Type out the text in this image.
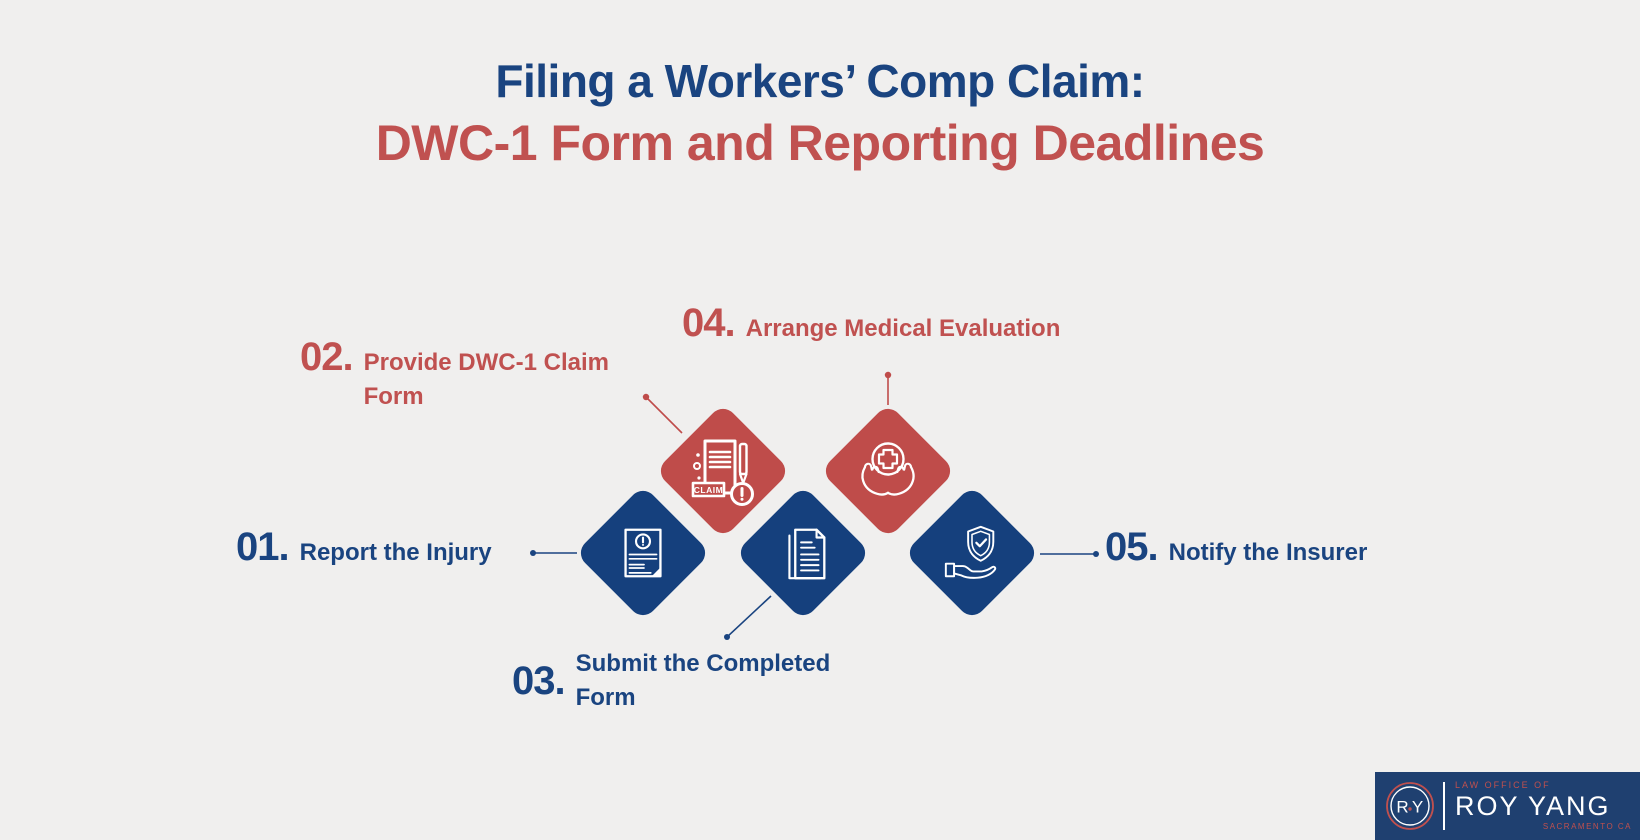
Filing a Workers’ Comp Claim:
DWC-1 Form and Reporting Deadlines
CLAIM
01. Report the Injury
02. Provide DWC-1 Claim Form
03. Submit the Completed Form
04. Arrange Medical Evaluation
05. Notify the Insurer
R Y
LAW OFFICE OF
ROY YANG
SACRAMENTO CA
